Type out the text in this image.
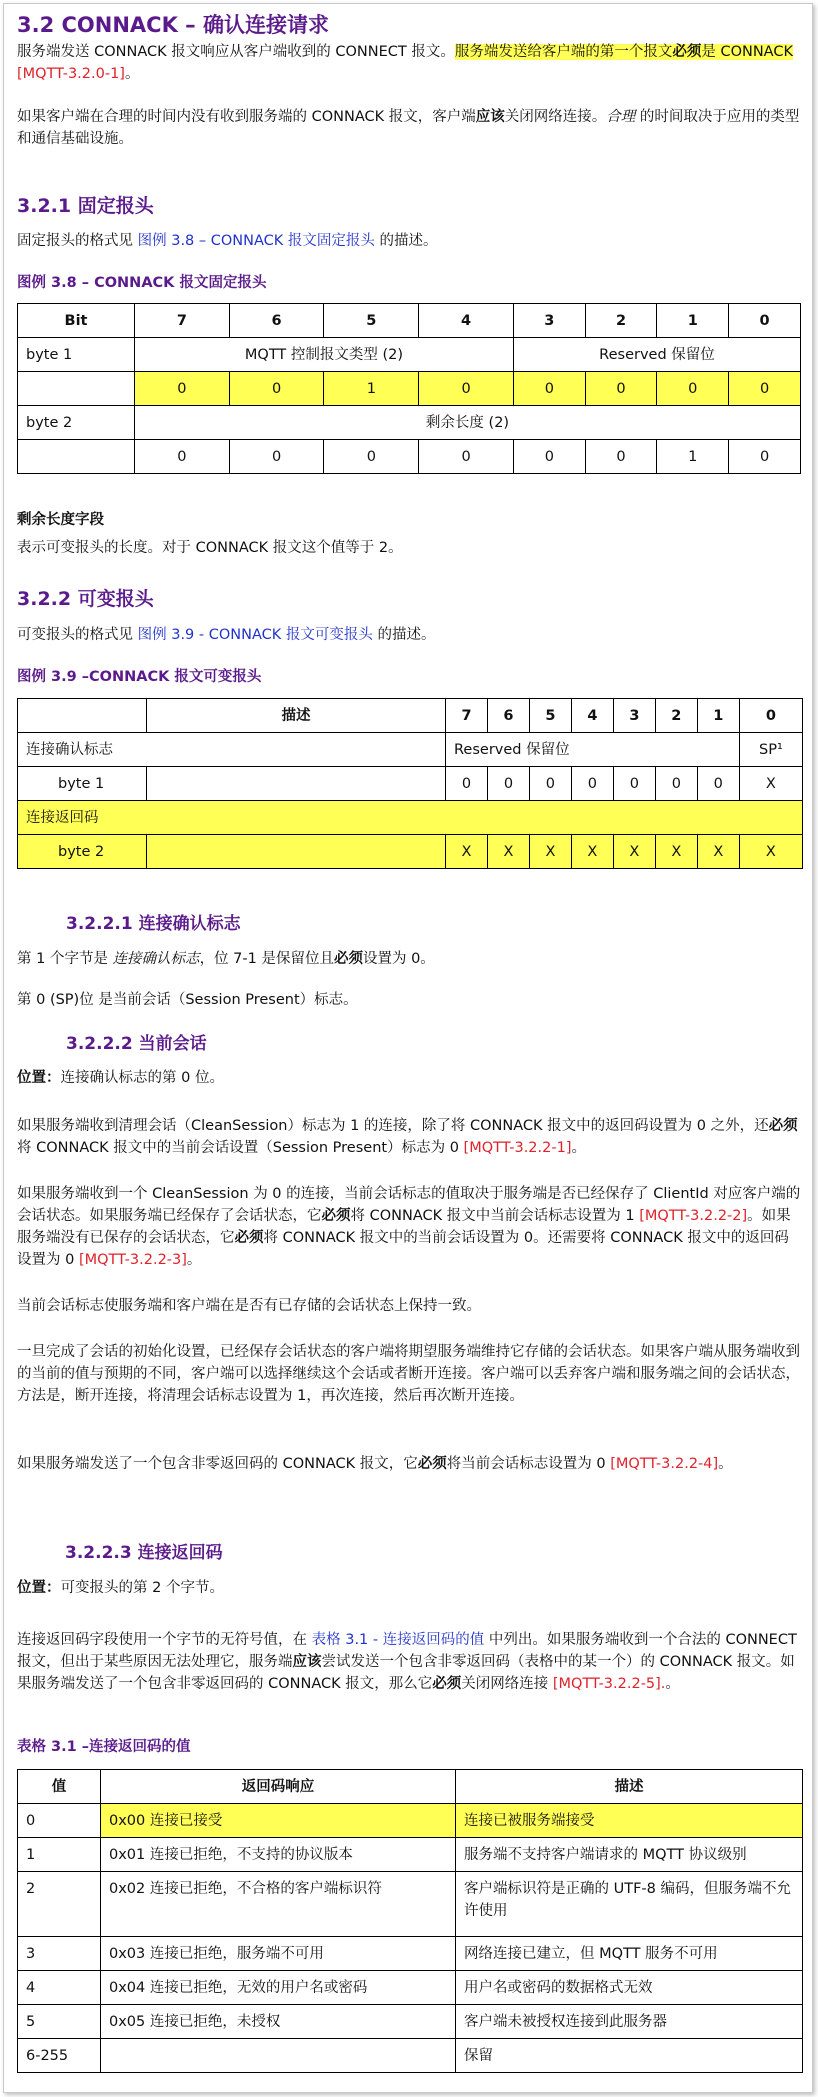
3.2 CONNACK – 确认连接请求

服务端发送 CONNACK 报文响应从客户端收到的 CONNECT 报文。服务端发送给客户端的第一个报文必须是 CONNACK [MQTT-3.2.0-1]。

如果客户端在合理的时间内没有收到服务端的 CONNACK 报文，客户端应该关闭网络连接。合理 的时间取决于应用的类型和通信基础设施。

3.2.1 固定报头

固定报头的格式见 图例 3.8 – CONNACK 报文固定报头 的描述。

图例 3.8 – CONNACK 报文固定报头
Bit	7	6	5	4	3	2	1	0
byte 1	MQTT 控制报文类型 (2)				Reserved 保留位			
	0	0	1	0	0	0	0	0
byte 2	剩余长度 (2)							
	0	0	0	0	0	0	1	0

剩余长度字段

表示可变报头的长度。对于 CONNACK 报文这个值等于 2。

3.2.2 可变报头

可变报头的格式见 图例 3.9 - CONNACK 报文可变报头 的描述。

图例 3.9 –CONNACK 报文可变报头
	描述	7	6	5	4	3	2	1	0
连接确认标志		Reserved 保留位							SP¹
byte 1		0	0	0	0	0	0	0	X
连接返回码									
byte 2		X	X	X	X	X	X	X	X
3.2.2.1 连接确认标志

第 1 个字节是 连接确认标志，位 7-1 是保留位且必须设置为 0。

第 0 (SP)位 是当前会话（Session Present）标志。

3.2.2.2 当前会话

位置：连接确认标志的第 0 位。

如果服务端收到清理会话（CleanSession）标志为 1 的连接，除了将 CONNACK 报文中的返回码设置为 0 之外，还必须将 CONNACK 报文中的当前会话设置（Session Present）标志为 0 [MQTT-3.2.2-1]。

如果服务端收到一个 CleanSession 为 0 的连接，当前会话标志的值取决于服务端是否已经保存了 ClientId 对应客户端的会话状态。如果服务端已经保存了会话状态，它必须将 CONNACK 报文中当前会话标志设置为 1 [MQTT-3.2.2-2]。如果服务端没有已保存的会话状态，它必须将 CONNACK 报文中的当前会话设置为 0。还需要将 CONNACK 报文中的返回码设置为 0 [MQTT-3.2.2-3]。

当前会话标志使服务端和客户端在是否有已存储的会话状态上保持一致。

一旦完成了会话的初始化设置，已经保存会话状态的客户端将期望服务端维持它存储的会话状态。如果客户端从服务端收到的当前的值与预期的不同，客户端可以选择继续这个会话或者断开连接。客户端可以丢弃客户端和服务端之间的会话状态，方法是，断开连接，将清理会话标志设置为 1，再次连接，然后再次断开连接。

如果服务端发送了一个包含非零返回码的 CONNACK 报文，它必须将当前会话标志设置为 0 [MQTT-3.2.2-4]。

3.2.2.3 连接返回码

位置：可变报头的第 2 个字节。

连接返回码字段使用一个字节的无符号值，在 表格 3.1 - 连接返回码的值 中列出。如果服务端收到一个合法的 CONNECT 报文，但出于某些原因无法处理它，服务端应该尝试发送一个包含非零返回码（表格中的某一个）的 CONNACK 报文。如果服务端发送了一个包含非零返回码的 CONNACK 报文，那么它必须关闭网络连接 [MQTT-3.2.2-5].。

表格 3.1 –连接返回码的值
值	返回码响应	描述
0	0x00 连接已接受	连接已被服务端接受
1	0x01 连接已拒绝，不支持的协议版本	服务端不支持客户端请求的 MQTT 协议级别
2	0x02 连接已拒绝，不合格的客户端标识符	客户端标识符是正确的 UTF-8 编码，但服务端不允许使用
3	0x03 连接已拒绝，服务端不可用	网络连接已建立，但 MQTT 服务不可用
4	0x04 连接已拒绝，无效的用户名或密码	用户名或密码的数据格式无效
5	0x05 连接已拒绝，未授权	客户端未被授权连接到此服务器
6-255		保留
